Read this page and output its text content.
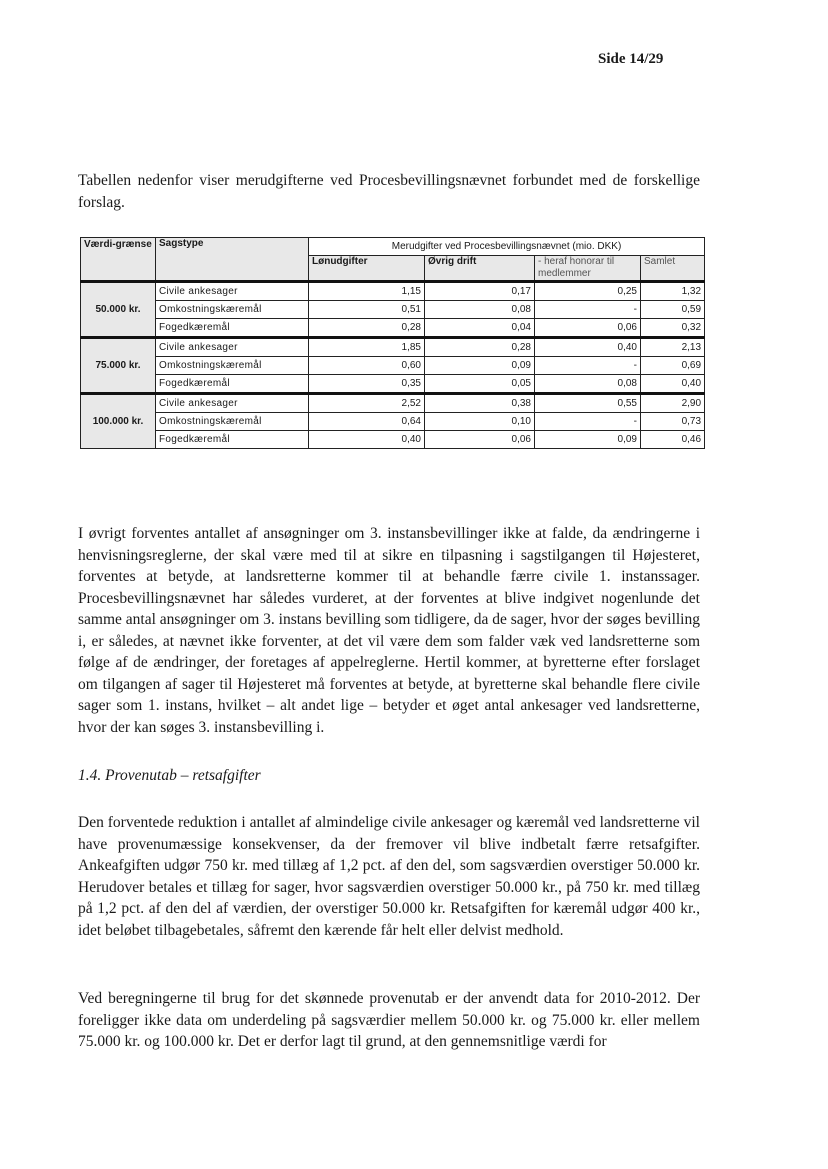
Side 14/29

Tabellen nedenfor viser merudgifterne ved Procesbevillingsnævnet forbundet med de forskellige forslag.

Værdi-grænse	Sagstype	Merudgifter ved Procesbevillingsnævnet (mio. DKK)			
		Lønudgifter	Øvrig drift	- heraf honorar til medlemmer	Samlet
50.000 kr.	Civile ankesager	1,15	0,17	0,25	1,32
	Omkostningskæremål	0,51	0,08	-	0,59
	Fogedkæremål	0,28	0,04	0,06	0,32
75.000 kr.	Civile ankesager	1,85	0,28	0,40	2,13
	Omkostningskæremål	0,60	0,09	-	0,69
	Fogedkæremål	0,35	0,05	0,08	0,40
100.000 kr.	Civile ankesager	2,52	0,38	0,55	2,90
	Omkostningskæremål	0,64	0,10	-	0,73
	Fogedkæremål	0,40	0,06	0,09	0,46

I øvrigt forventes antallet af ansøgninger om 3. instansbevillinger ikke at falde, da ændringerne i henvisningsreglerne, der skal være med til at sikre en tilpasning i sagstilgangen til Højesteret, forventes at betyde, at landsretterne kommer til at behandle færre civile 1. instanssager. Procesbevillingsnævnet har således vurderet, at der forventes at blive indgivet nogenlunde det samme antal ansøgninger om 3. instans bevilling som tidligere, da de sager, hvor der søges bevilling i, er således, at nævnet ikke forventer, at det vil være dem som falder væk ved landsretterne som følge af de ændringer, der foretages af appelreglerne. Hertil kommer, at byretterne efter forslaget om tilgangen af sager til Højesteret må forventes at betyde, at byretterne skal behandle flere civile sager som 1. instans, hvilket – alt andet lige – betyder et øget antal ankesager ved landsretterne, hvor der kan søges 3. instansbevilling i.

1.4. Provenutab – retsafgifter

Den forventede reduktion i antallet af almindelige civile ankesager og kæremål ved landsretterne vil have provenumæssige konsekvenser, da der fremover vil blive indbetalt færre retsafgifter. Ankeafgiften udgør 750 kr. med tillæg af 1,2 pct. af den del, som sagsværdien overstiger 50.000 kr. Herudover betales et tillæg for sager, hvor sagsværdien overstiger 50.000 kr., på 750 kr. med tillæg på 1,2 pct. af den del af værdien, der overstiger 50.000 kr. Retsafgiften for kæremål udgør 400 kr., idet beløbet tilbagebetales, såfremt den kærende får helt eller delvist medhold.

Ved beregningerne til brug for det skønnede provenutab er der anvendt data for 2010-2012. Der foreligger ikke data om underdeling på sagsværdier mellem 50.000 kr. og 75.000 kr. eller mellem 75.000 kr. og 100.000 kr. Det er derfor lagt til grund, at den gennemsnitlige værdi for
